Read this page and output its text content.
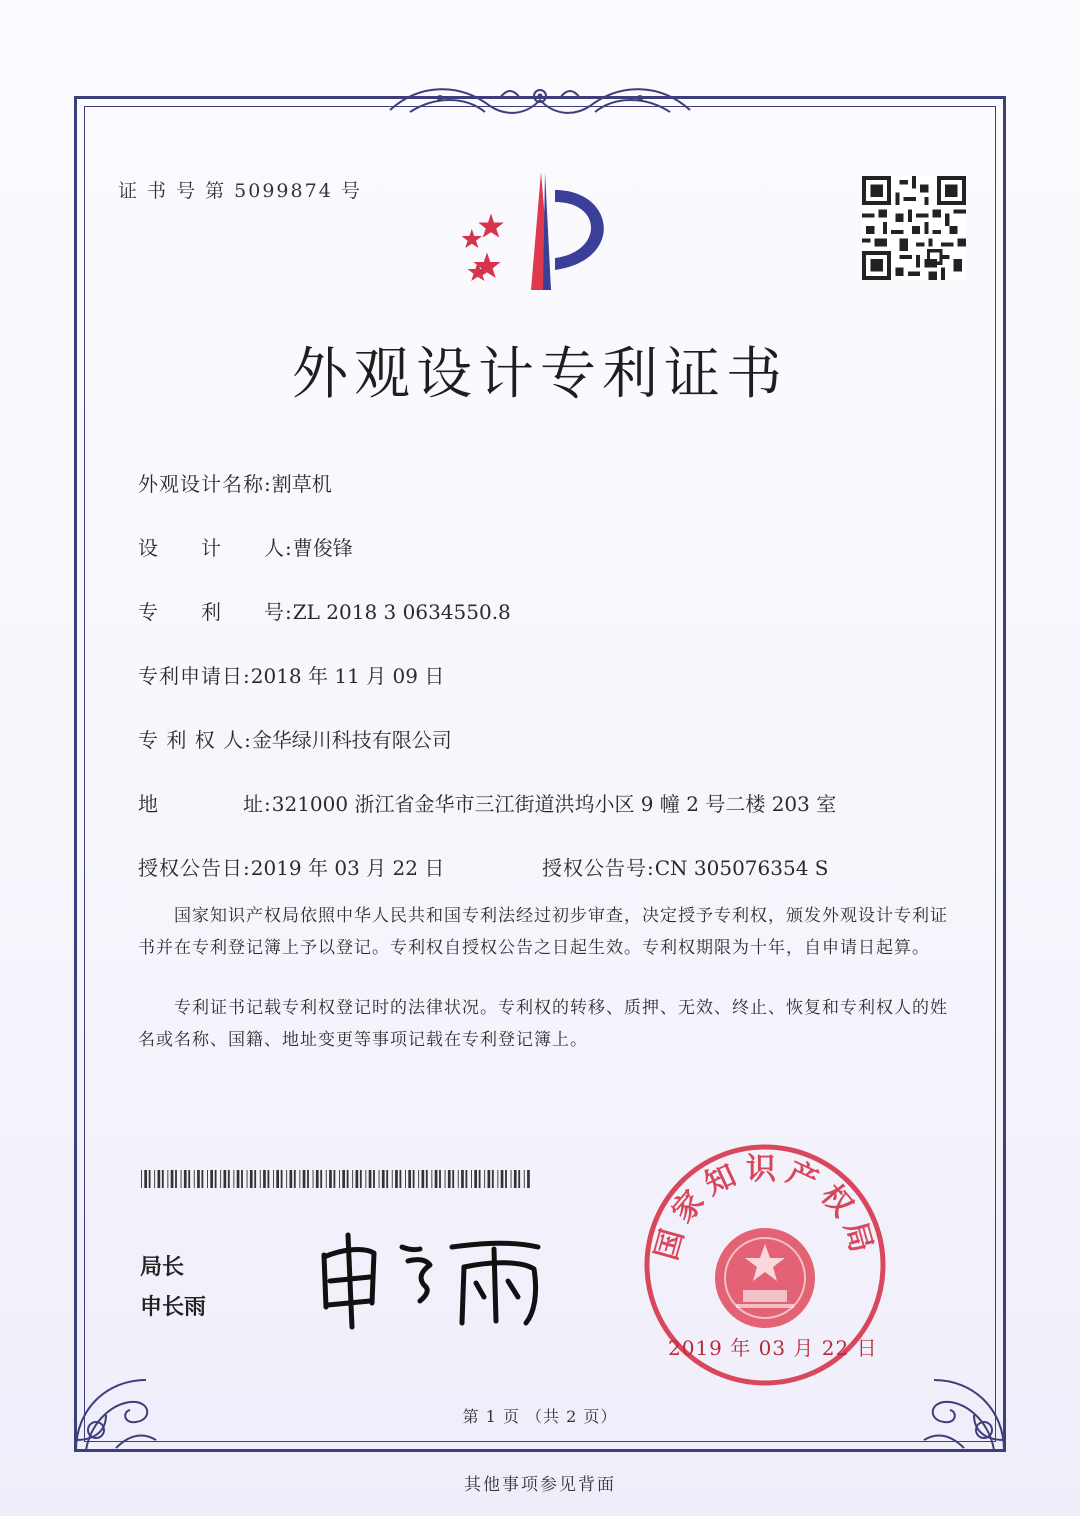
证 书 号 第 5099874 号
外观设计专利证书
外观设计名称:割草机
设　　计　　人:曹俊锋
专　　利　　号:ZL 2018 3 0634550.8
专利申请日:2018 年 11 月 09 日
专 利 权 人:金华绿川科技有限公司
地　　　　址:321000 浙江省金华市三江街道洪坞小区 9 幢 2 号二楼 203 室
授权公告日:2019 年 03 月 22 日	授权公告号:CN 305076354 S
国家知识产权局依照中华人民共和国专利法经过初步审查，决定授予专利权，颁发外观设计专利证书并在专利登记簿上予以登记。专利权自授权公告之日起生效。专利权期限为十年，自申请日起算。
专利证书记载专利权登记时的法律状况。专利权的转移、质押、无效、终止、恢复和专利权人的姓名或名称、国籍、地址变更等事项记载在专利登记簿上。
局长
申长雨
国家知识产权局
2019 年 03 月 22 日
第 1 页 （共 2 页）
其他事项参见背面
